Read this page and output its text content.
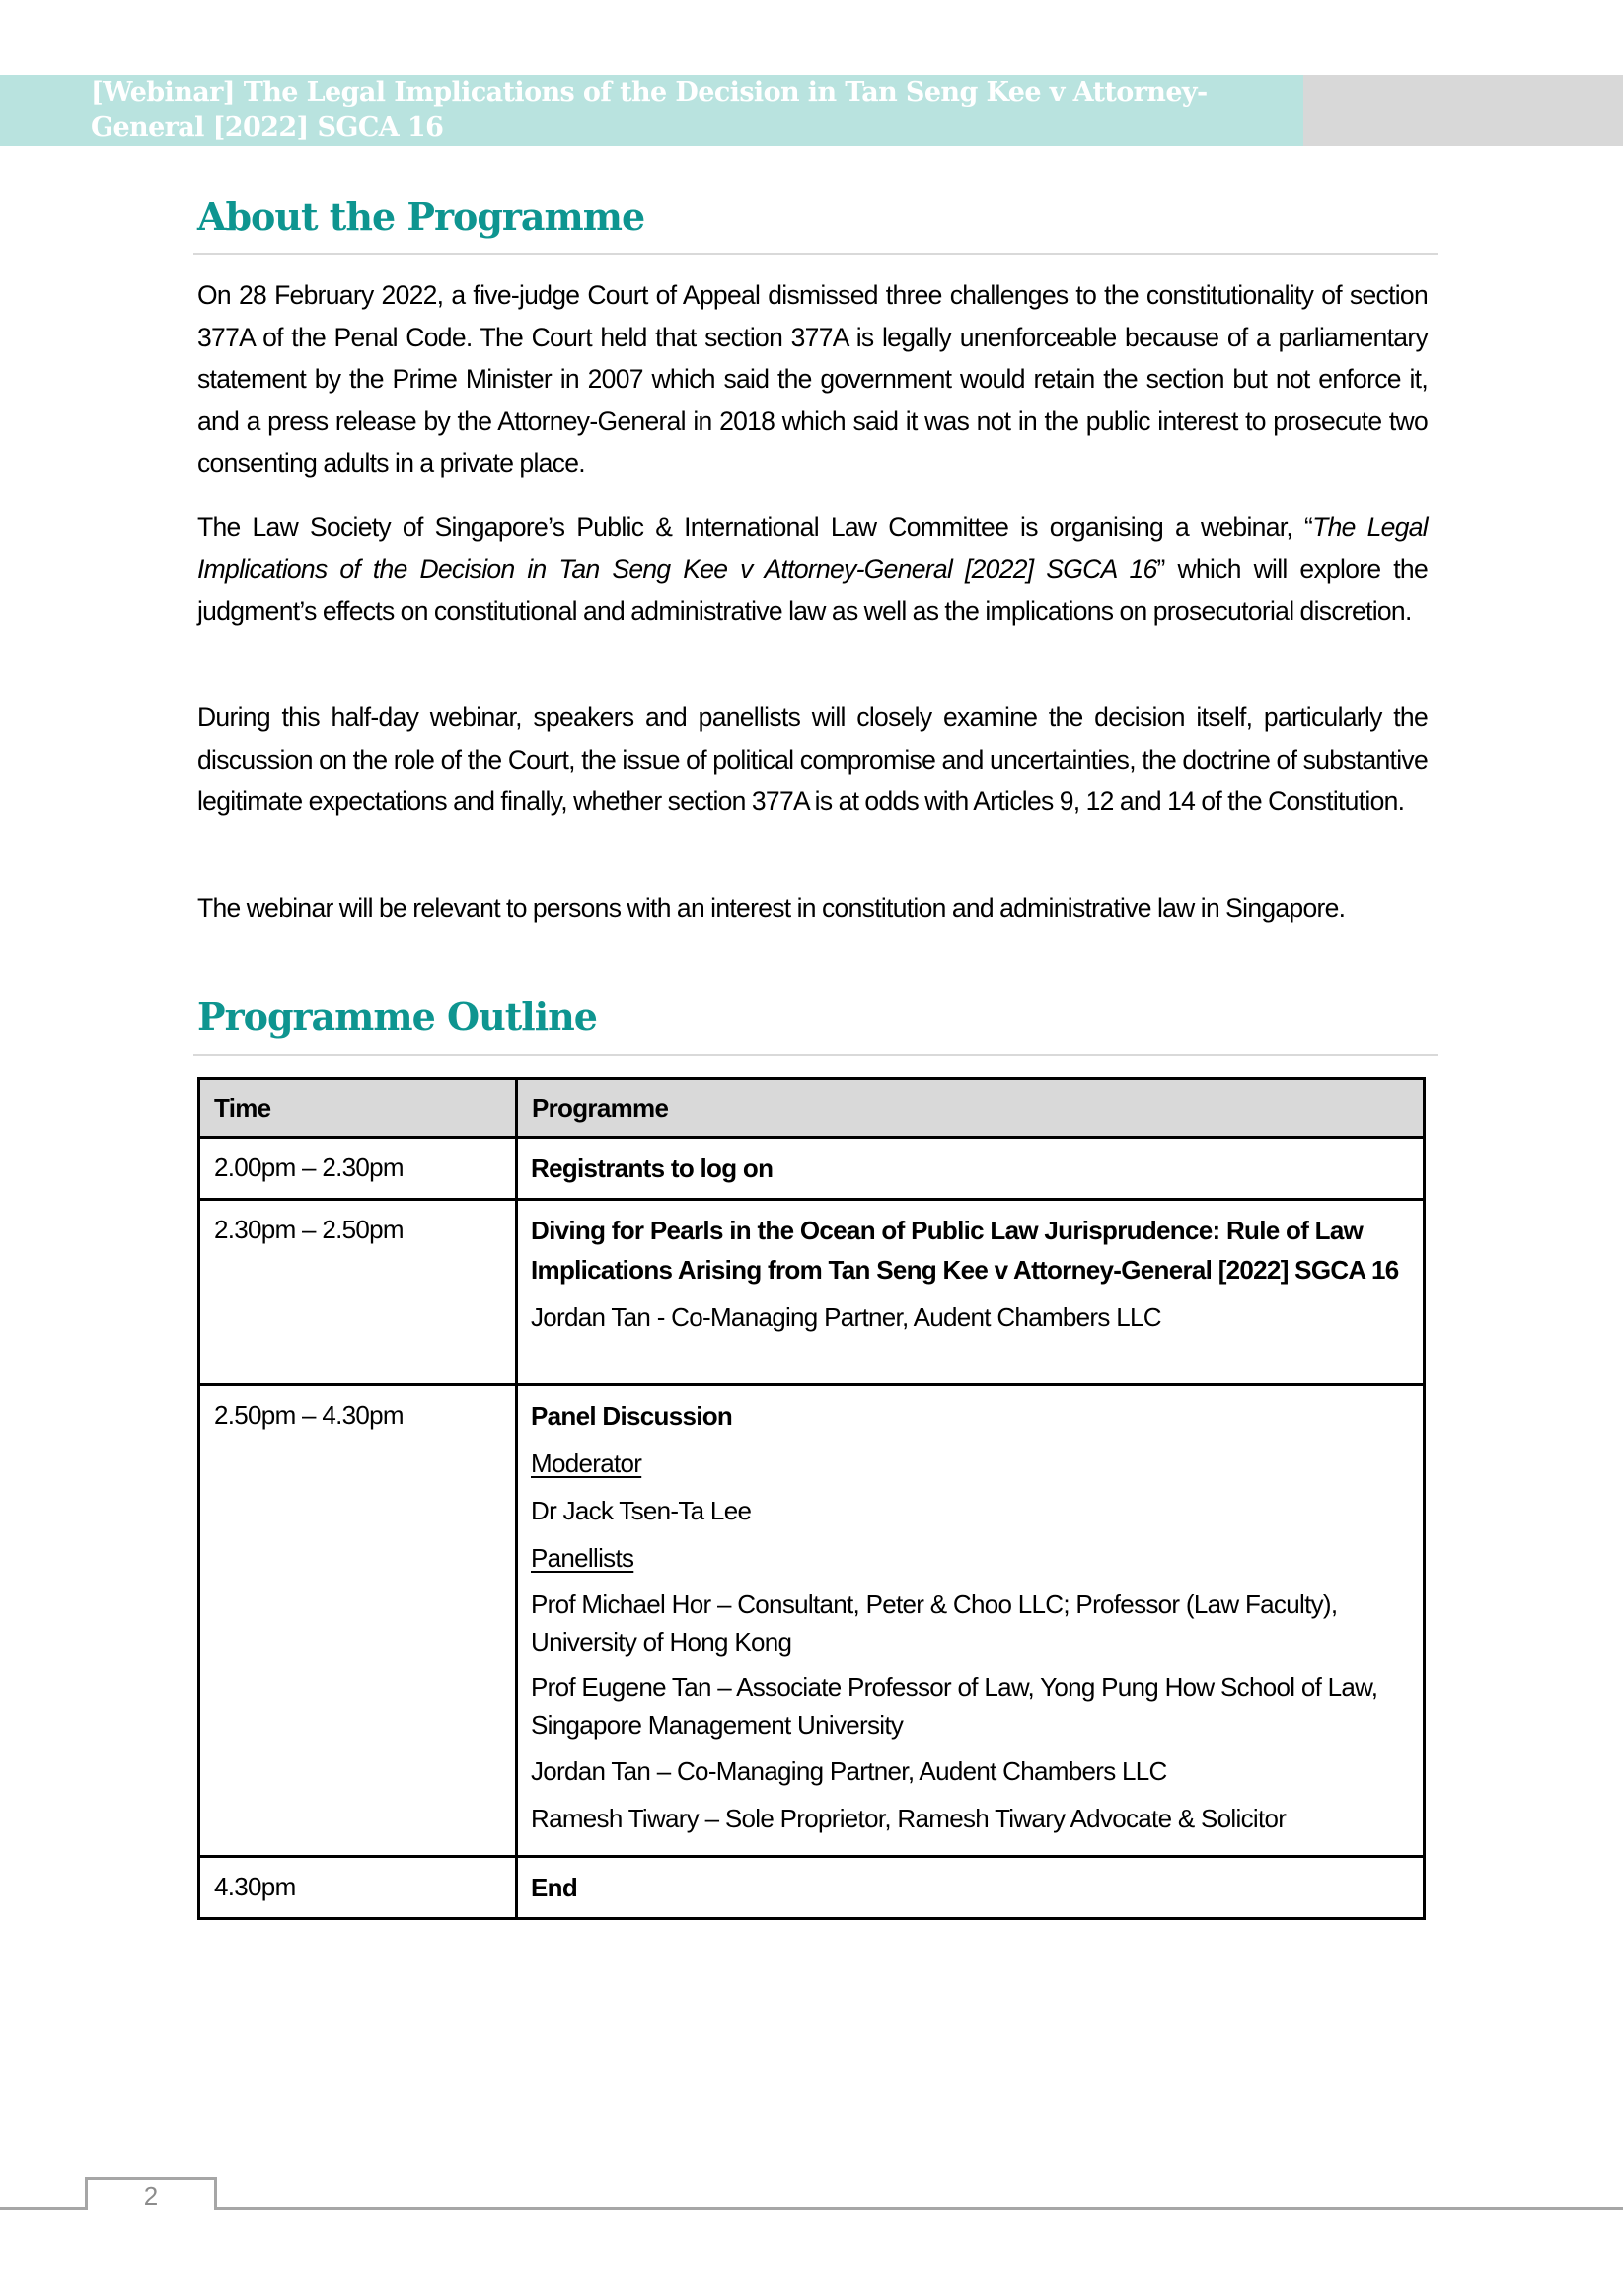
[Webinar] The Legal Implications of the Decision in Tan Seng Kee v Attorney-General [2022] SGCA 16
About the Programme

On 28 February 2022, a five-judge Court of Appeal dismissed three challenges to the constitutionality of section 377A of the Penal Code. The Court held that section 377A is legally unenforceable because of a parliamentary statement by the Prime Minister in 2007 which said the government would retain the section but not enforce it, and a press release by the Attorney-General in 2018 which said it was not in the public interest to prosecute two consenting adults in a private place.

The Law Society of Singapore’s Public & International Law Committee is organising a webinar, “The Legal Implications of the Decision in Tan Seng Kee v Attorney-General [2022] SGCA 16” which will explore the judgment’s effects on constitutional and administrative law as well as the implications on prosecutorial discretion.

During this half-day webinar, speakers and panellists will closely examine the decision itself, particularly the discussion on the role of the Court, the issue of political compromise and uncertainties, the doctrine of substantive legitimate expectations and finally, whether section 377A is at odds with Articles 9, 12 and 14 of the Constitution.

The webinar will be relevant to persons with an interest in constitution and administrative law in Singapore.

Programme Outline
Time	Programme
2.00pm – 2.30pm	Registrants to log on

2.30pm – 2.50pm	Diving for Pearls in the Ocean of Public Law Jurisprudence: Rule of Law Implications Arising from Tan Seng Kee v Attorney-General [2022] SGCA 16
Jordan Tan - Co-Managing Partner, Audent Chambers LLC

2.50pm – 4.30pm	Panel Discussion
Moderator
Dr Jack Tsen-Ta Lee
Panellists
Prof Michael Hor – Consultant, Peter & Choo LLC; Professor (Law Faculty), University of Hong Kong
Prof Eugene Tan – Associate Professor of Law, Yong Pung How School of Law, Singapore Management University
Jordan Tan – Co-Managing Partner, Audent Chambers LLC
Ramesh Tiwary – Sole Proprietor, Ramesh Tiwary Advocate & Solicitor

4.30pm	End
2
